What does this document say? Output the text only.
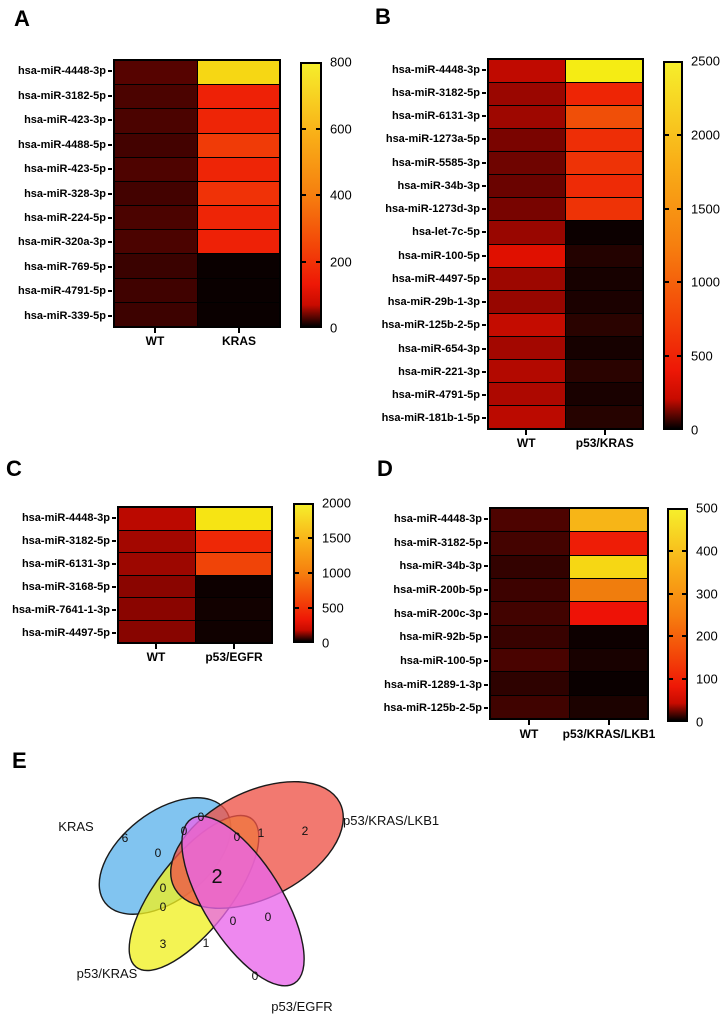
A
hsa-miR-4448-3p
hsa-miR-3182-5p
hsa-miR-423-3p
hsa-miR-4488-5p
hsa-miR-423-5p
hsa-miR-328-3p
hsa-miR-224-5p
hsa-miR-320a-3p
hsa-miR-769-5p
hsa-miR-4791-5p
hsa-miR-339-5p
WT	KRAS
800
600
400
200
0
B
hsa-miR-4448-3p
hsa-miR-3182-5p
hsa-miR-6131-3p
hsa-miR-1273a-5p
hsa-miR-5585-3p
hsa-miR-34b-3p
hsa-miR-1273d-3p
hsa-let-7c-5p
hsa-miR-100-5p
hsa-miR-4497-5p
hsa-miR-29b-1-3p
hsa-miR-125b-2-5p
hsa-miR-654-3p
hsa-miR-221-3p
hsa-miR-4791-5p
hsa-miR-181b-1-5p
WT	p53/KRAS
2500
2000
1500
1000
500
0
C
hsa-miR-4448-3p
hsa-miR-3182-5p
hsa-miR-6131-3p
hsa-miR-3168-5p
hsa-miR-7641-1-3p
hsa-miR-4497-5p
WT	p53/EGFR
2000
1500
1000
500
0
D
hsa-miR-4448-3p
hsa-miR-3182-5p
hsa-miR-34b-3p
hsa-miR-200b-5p
hsa-miR-200c-3p
hsa-miR-92b-5p
hsa-miR-100-5p
hsa-miR-1289-1-3p
hsa-miR-125b-2-5p
WT p53/KRAS/LKB1
500
400
300
200
100
0
E
KRAS	p53/KRAS/LKB1
p53/KRAS
p53/EGFR
6	2
3
0
0
0
0
1
1
0
0
0
0	0
2
